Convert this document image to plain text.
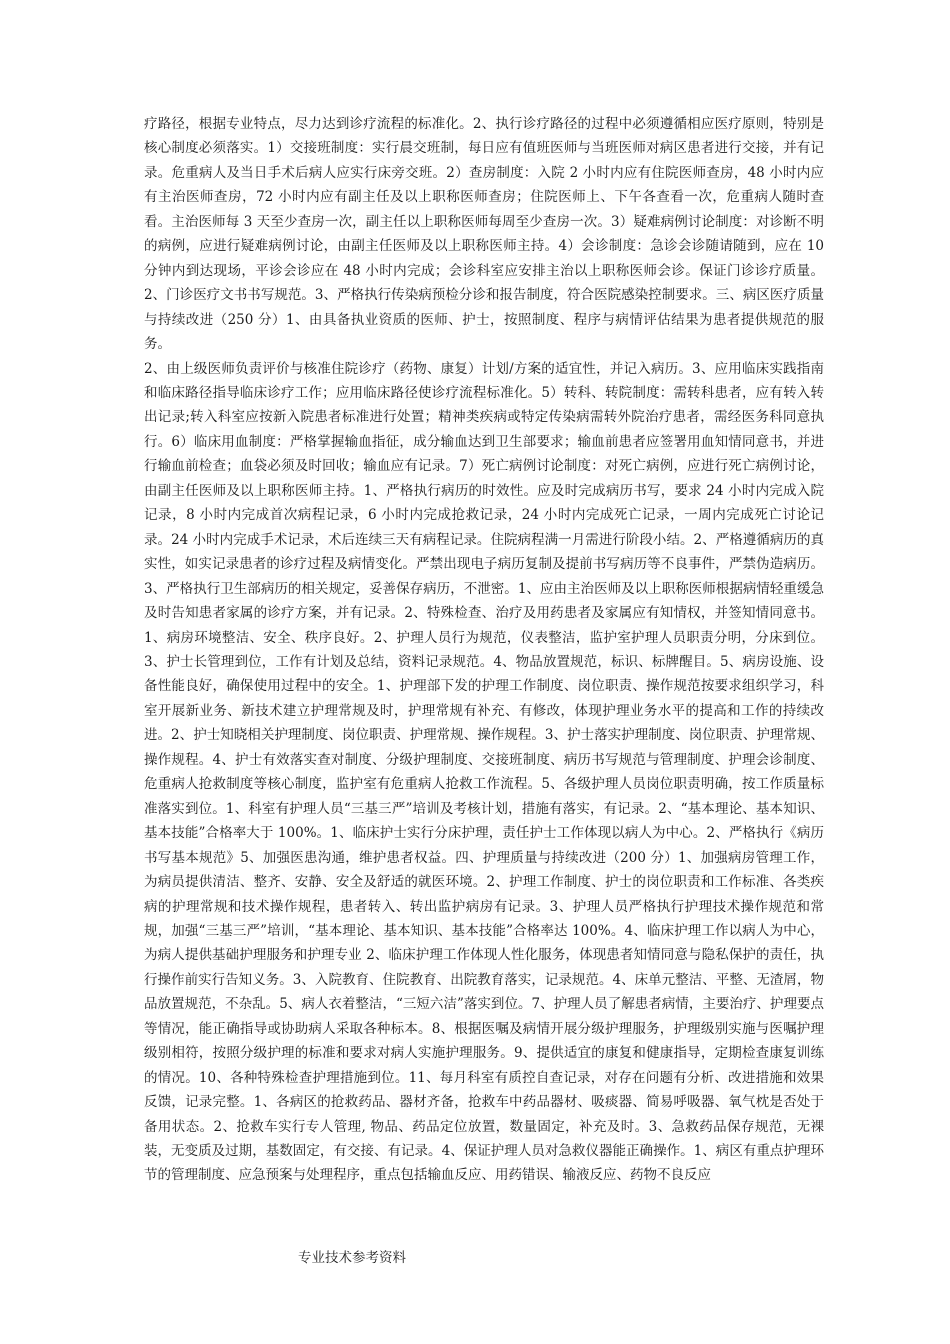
疗路径，根据专业特点，尽力达到诊疗流程的标准化。2、执行诊疗路径的过程中必须遵循相应医疗原则，特别是核心制度必须落实。1）交接班制度：实行晨交班制，每日应有值班医师与当班医师对病区患者进行交接，并有记录。危重病人及当日手术后病人应实行床旁交班。2）查房制度：入院 2 小时内应有住院医师查房，48 小时内应有主治医师查房，72 小时内应有副主任及以上职称医师查房；住院医师上、下午各查看一次，危重病人随时查看。主治医师每 3 天至少查房一次，副主任以上职称医师每周至少查房一次。3）疑难病例讨论制度：对诊断不明的病例，应进行疑难病例讨论，由副主任医师及以上职称医师主持。4）会诊制度：急诊会诊随请随到，应在 10 分钟内到达现场，平诊会诊应在 48 小时内完成；会诊科室应安排主治以上职称医师会诊。保证门诊诊疗质量。2、门诊医疗文书书写规范。3、严格执行传染病预检分诊和报告制度，符合医院感染控制要求。三、病区医疗质量与持续改进（250 分）1、由具备执业资质的医师、护士，按照制度、程序与病情评估结果为患者提供规范的服务。

2、由上级医师负责评价与核准住院诊疗（药物、康复）计划/方案的适宜性，并记入病历。3、应用临床实践指南和临床路径指导临床诊疗工作；应用临床路径使诊疗流程标准化。5）转科、转院制度：需转科患者，应有转入转出记录;转入科室应按新入院患者标准进行处置；精神类疾病或特定传染病需转外院治疗患者，需经医务科同意执行。6）临床用血制度：严格掌握输血指征，成分输血达到卫生部要求；输血前患者应签署用血知情同意书，并进行输血前检查；血袋必须及时回收；输血应有记录。7）死亡病例讨论制度：对死亡病例，应进行死亡病例讨论，由副主任医师及以上职称医师主持。1、严格执行病历的时效性。应及时完成病历书写，要求 24 小时内完成入院记录，8 小时内完成首次病程记录，6 小时内完成抢救记录，24 小时内完成死亡记录，一周内完成死亡讨论记录。24 小时内完成手术记录，术后连续三天有病程记录。住院病程满一月需进行阶段小结。2、严格遵循病历的真实性，如实记录患者的诊疗过程及病情变化。严禁出现电子病历复制及提前书写病历等不良事件，严禁伪造病历。3、严格执行卫生部病历的相关规定，妥善保存病历，不泄密。1、应由主治医师及以上职称医师根据病情轻重缓急及时告知患者家属的诊疗方案，并有记录。2、特殊检查、治疗及用药患者及家属应有知情权，并签知情同意书。1、病房环境整洁、安全、秩序良好。2、护理人员行为规范，仪表整洁，监护室护理人员职责分明，分床到位。3、护士长管理到位，工作有计划及总结，资料记录规范。4、物品放置规范，标识、标牌醒目。5、病房设施、设备性能良好，确保使用过程中的安全。1、护理部下发的护理工作制度、岗位职责、操作规范按要求组织学习，科室开展新业务、新技术建立护理常规及时，护理常规有补充、有修改，体现护理业务水平的提高和工作的持续改进。2、护士知晓相关护理制度、岗位职责、护理常规、操作规程。3、护士落实护理制度、岗位职责、护理常规、操作规程。4、护士有效落实查对制度、分级护理制度、交接班制度、病历书写规范与管理制度、护理会诊制度、危重病人抢救制度等核心制度，监护室有危重病人抢救工作流程。5、各级护理人员岗位职责明确，按工作质量标准落实到位。1、科室有护理人员“三基三严”培训及考核计划，措施有落实，有记录。2、“基本理论、基本知识、基本技能”合格率大于 100%。1、临床护士实行分床护理，责任护士工作体现以病人为中心。2、严格执行《病历书写基本规范》5、加强医患沟通，维护患者权益。四、护理质量与持续改进（200 分）1、加强病房管理工作，为病员提供清洁、整齐、安静、安全及舒适的就医环境。2、护理工作制度、护士的岗位职责和工作标准、各类疾病的护理常规和技术操作规程，患者转入、转出监护病房有记录。3、护理人员严格执行护理技术操作规范和常规，加强“三基三严”培训，“基本理论、基本知识、基本技能”合格率达 100%。4、临床护理工作以病人为中心，为病人提供基础护理服务和护理专业 2、临床护理工作体现人性化服务，体现患者知情同意与隐私保护的责任，执行操作前实行告知义务。3、入院教育、住院教育、出院教育落实，记录规范。4、床单元整洁、平整、无渣屑，物品放置规范，不杂乱。5、病人衣着整洁，“三短六洁”落实到位。7、护理人员了解患者病情，主要治疗、护理要点等情况，能正确指导或协助病人采取各种标本。8、根据医嘱及病情开展分级护理服务，护理级别实施与医嘱护理级别相符，按照分级护理的标准和要求对病人实施护理服务。9、提供适宜的康复和健康指导，定期检查康复训练的情况。10、各种特殊检查护理措施到位。11、每月科室有质控自查记录，对存在问题有分析、改进措施和效果反馈，记录完整。1、各病区的抢救药品、器材齐备，抢救车中药品器材、吸痰器、简易呼吸器、氧气枕是否处于备用状态。2、抢救车实行专人管理, 物品、药品定位放置，数量固定，补充及时。3、急救药品保存规范，无裸装，无变质及过期，基数固定，有交接、有记录。4、保证护理人员对急救仪器能正确操作。1、病区有重点护理环节的管理制度、应急预案与处理程序，重点包括输血反应、用药错误、输液反应、药物不良反应

专业技术参考资料
